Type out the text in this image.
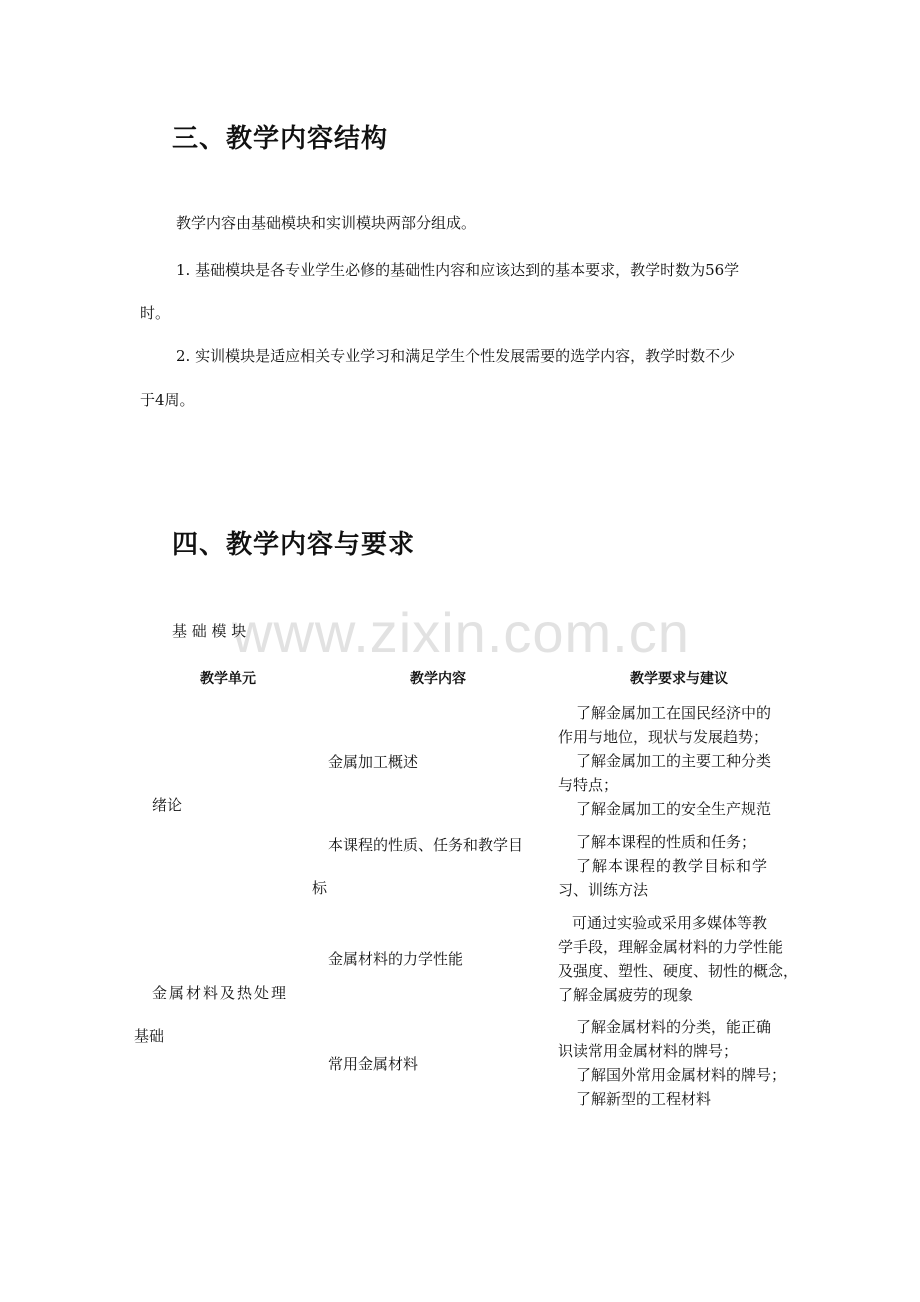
www.zixin.com.cn
三、教学内容结构
教学内容由基础模块和实训模块两部分组成。
1. 基础模块是各专业学生必修的基础性内容和应该达到的基本要求，教学时数为56学
时。
2. 实训模块是适应相关专业学习和满足学生个性发展需要的选学内容，教学时数不少
于4周。
四、教学内容与要求
基 础 模 块
教学单元	教学内容	教学要求与建议
绪论
金属材料及热处理
基础
金属加工概述
本课程的性质、任务和教学目
标
金属材料的力学性能
常用金属材料
了解金属加工在国民经济中的
作用与地位，现状与发展趋势；
了解金属加工的主要工种分类
与特点；
了解金属加工的安全生产规范
了解本课程的性质和任务；
了解本课程的教学目标和学
习、训练方法
可通过实验或采用多媒体等教
学手段，理解金属材料的力学性能
及强度、塑性、硬度、韧性的概念，
了解金属疲劳的现象
了解金属材料的分类，能正确
识读常用金属材料的牌号；
了解国外常用金属材料的牌号；
了解新型的工程材料
